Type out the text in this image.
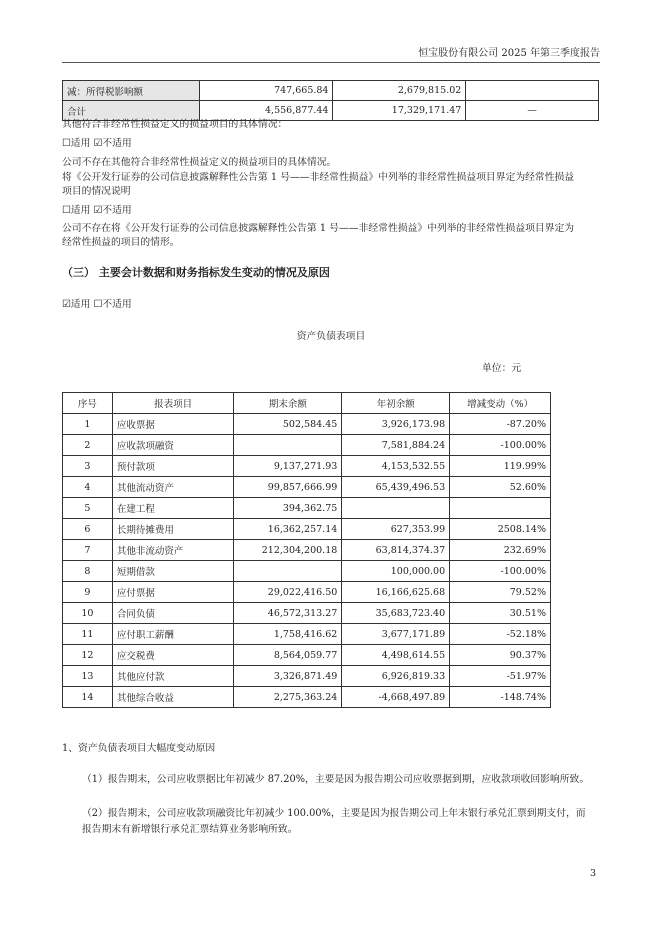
恒宝股份有限公司 2025 年第三季度报告
减：所得税影响额	747,665.84	2,679,815.02	
合计	4,556,877.44	17,329,171.47	—
其他符合非经常性损益定义的损益项目的具体情况：
☐适用 ☑不适用
公司不存在其他符合非经常性损益定义的损益项目的具体情况。
将《公开发行证券的公司信息披露解释性公告第 1 号——非经常性损益》中列举的非经常性损益项目界定为经常性损益
项目的情况说明
☐适用 ☑不适用
公司不存在将《公开发行证券的公司信息披露解释性公告第 1 号——非经常性损益》中列举的非经常性损益项目界定为
经常性损益的项目的情形。
（三） 主要会计数据和财务指标发生变动的情况及原因
☑适用 ☐不适用
资产负债表项目
单位：元
序号	报表项目	期末余额	年初余额	增减变动（%）
1	应收票据	502,584.45	3,926,173.98	-87.20%
2	应收款项融资		7,581,884.24	-100.00%
3	预付款项	9,137,271.93	4,153,532.55	119.99%
4	其他流动资产	99,857,666.99	65,439,496.53	52.60%
5	在建工程	394,362.75		
6	长期待摊费用	16,362,257.14	627,353.99	2508.14%
7	其他非流动资产	212,304,200.18	63,814,374.37	232.69%
8	短期借款		100,000.00	-100.00%
9	应付票据	29,022,416.50	16,166,625.68	79.52%
10	合同负债	46,572,313.27	35,683,723.40	30.51%
11	应付职工薪酬	1,758,416.62	3,677,171.89	-52.18%
12	应交税费	8,564,059.77	4,498,614.55	90.37%
13	其他应付款	3,326,871.49	6,926,819.33	-51.97%
14	其他综合收益	2,275,363.24	-4,668,497.89	-148.74%
1、资产负债表项目大幅度变动原因
（1）报告期末，公司应收票据比年初减少 87.20%，主要是因为报告期公司应收票据到期，应收款项收回影响所致。
（2）报告期末，公司应收款项融资比年初减少 100.00%，主要是因为报告期公司上年末银行承兑汇票到期支付，而
报告期末有新增银行承兑汇票结算业务影响所致。
3
